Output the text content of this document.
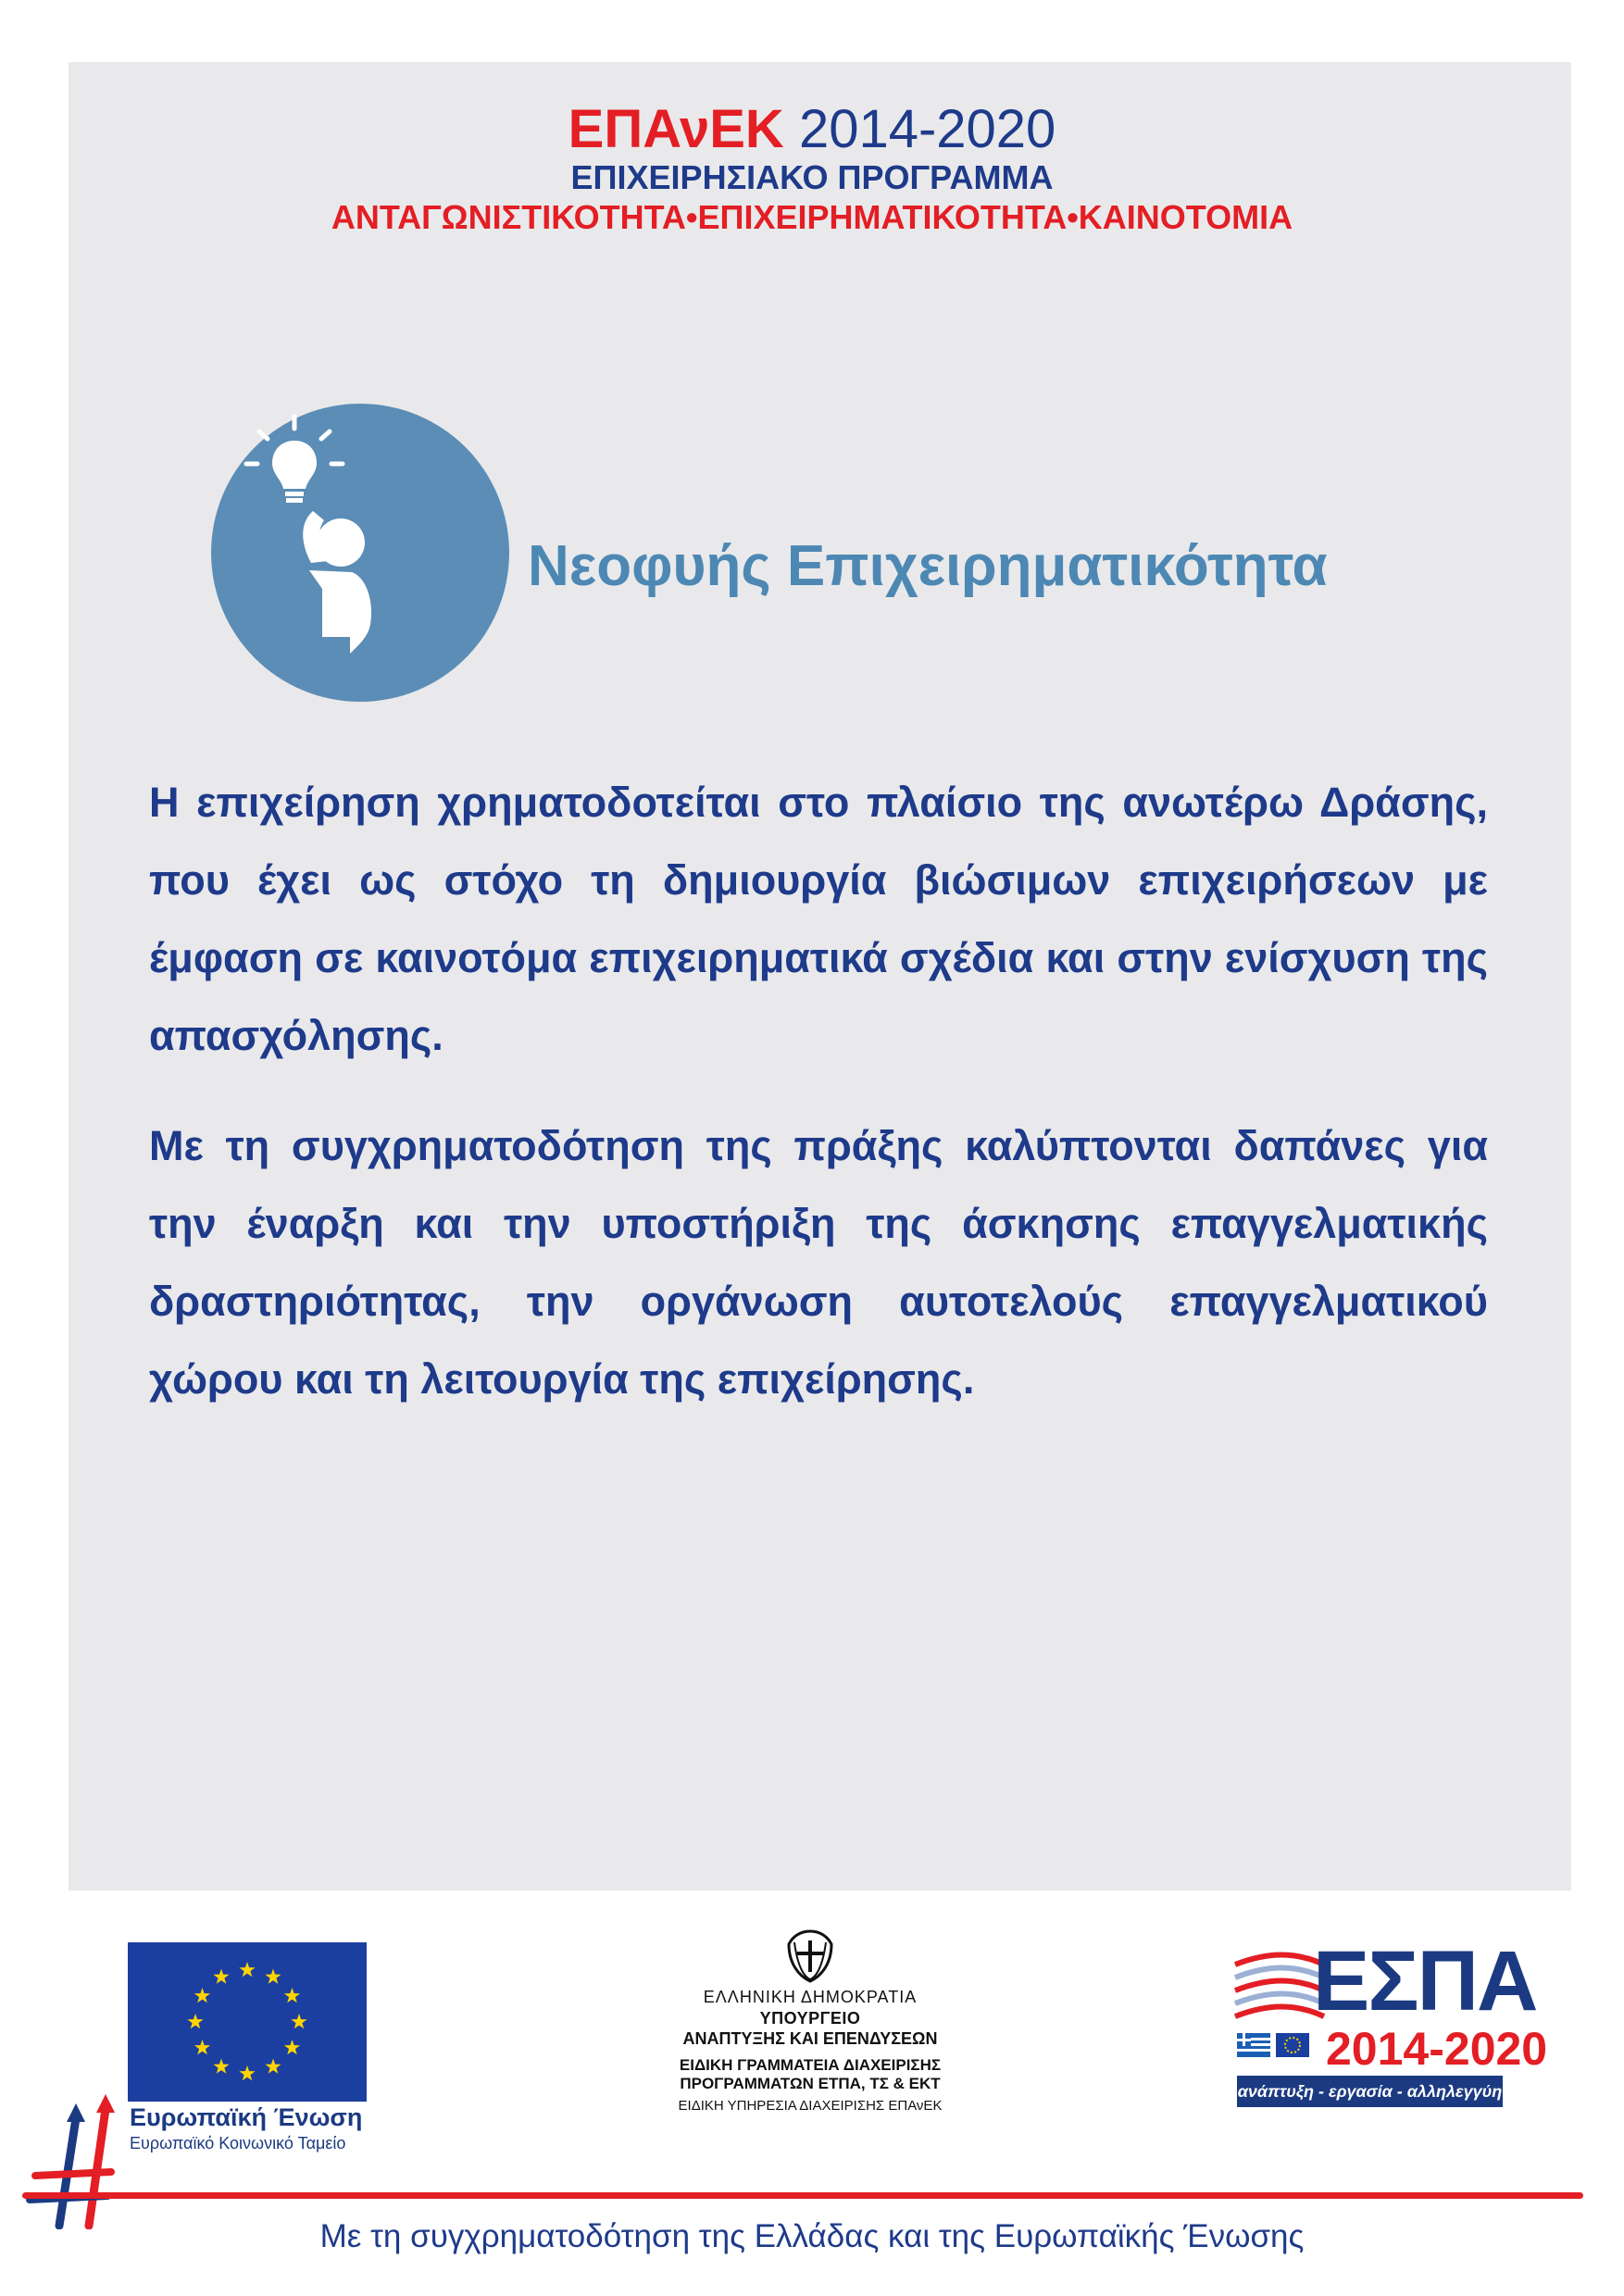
ΕΠΑνΕΚ 2014-2020
ΕΠΙΧΕΙΡΗΣΙΑΚΟ ΠΡΟΓΡΑΜΜΑ
ΑΝΤΑΓΩΝΙΣΤΙΚΟΤΗΤΑ•ΕΠΙΧΕΙΡΗΜΑΤΙΚΟΤΗΤΑ•ΚΑΙΝΟΤΟΜΙΑ
Νεοφυής Επιχειρηματικότητα
Η επιχείρηση χρηματοδοτείται στο πλαίσιο της ανωτέρω Δράσης, που έχει ως στόχο τη δημιουργία βιώσιμων επιχειρήσεων με έμφαση σε καινοτόμα επιχειρηματικά σχέδια και στην ενίσχυση της απασχόλησης.
Με τη συγχρηματοδότηση της πράξης καλύπτονται δαπάνες για την έναρξη και την υποστήριξη της άσκησης επαγγελματικής δραστηριότητας, την οργάνωση αυτοτελούς επαγγελματικού χώρου και τη λειτουργία της επιχείρησης.
Ευρωπαϊκή Ένωση
Ευρωπαϊκό Κοινωνικό Ταμείο
ΕΛΛΗΝΙΚΗ ΔΗΜΟΚΡΑΤΙΑ
ΥΠΟΥΡΓΕΙΟ
ΑΝΑΠΤΥΞΗΣ ΚΑΙ ΕΠΕΝΔΥΣΕΩΝ
ΕΙΔΙΚΗ ΓΡΑΜΜΑΤΕΙΑ ΔΙΑΧΕΙΡΙΣΗΣ
ΠΡΟΓΡΑΜΜΑΤΩΝ ΕΤΠΑ, ΤΣ & ΕΚΤ
ΕΙΔΙΚΗ ΥΠΗΡΕΣΙΑ ΔΙΑΧΕΙΡΙΣΗΣ ΕΠΑνΕΚ
ΕΣΠΑ
2014-2020
ανάπτυξη - εργασία - αλληλεγγύη
Με τη συγχρηματοδότηση της Ελλάδας και της Ευρωπαϊκής Ένωσης
